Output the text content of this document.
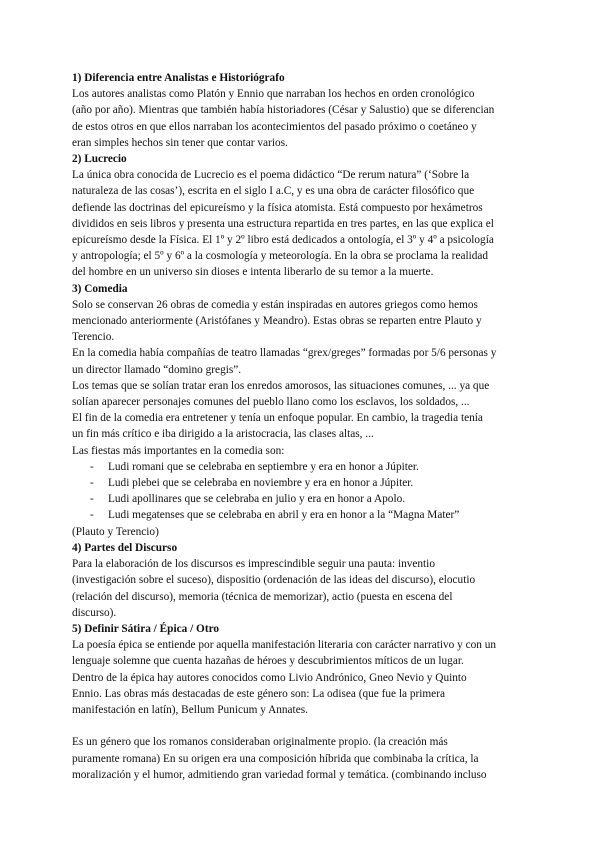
1) Diferencia entre Analistas e Historiógrafo

Los autores analistas como Platón y Ennio que narraban los hechos en orden cronológico

(año por año). Mientras que también había historiadores (César y Salustio) que se diferencian

de estos otros en que ellos narraban los acontecimientos del pasado próximo o coetáneo y

eran simples hechos sin tener que contar varios.

2) Lucrecio

La única obra conocida de Lucrecio es el poema didáctico “De rerum natura” (‘Sobre la

naturaleza de las cosas’), escrita en el siglo I a.C, y es una obra de carácter filosófico que

defiende las doctrinas del epicureísmo y la física atomista. Está compuesto por hexámetros

divididos en seis libros y presenta una estructura repartida en tres partes, en las que explica el

epicureísmo desde la Física. El 1º y 2º libro está dedicados a ontología, el 3º y 4º a psicología

y antropología; el 5º y 6º a la cosmología y meteorología. En la obra se proclama la realidad

del hombre en un universo sin dioses e intenta liberarlo de su temor a la muerte.

3) Comedia

Solo se conservan 26 obras de comedia y están inspiradas en autores griegos como hemos

mencionado anteriormente (Aristófanes y Meandro). Estas obras se reparten entre Plauto y

Terencio.

En la comedia había compañías de teatro llamadas “grex/greges” formadas por 5/6 personas y

un director llamado “domino gregis”.

Los temas que se solían tratar eran los enredos amorosos, las situaciones comunes, ... ya que

solían aparecer personajes comunes del pueblo llano como los esclavos, los soldados, ...

El fin de la comedia era entretener y tenía un enfoque popular. En cambio, la tragedia tenía

un fin más crítico e iba dirigido a la aristocracia, las clases altas, ...

Las fiestas más importantes en la comedia son:

- Ludi romani que se celebraba en septiembre y era en honor a Júpiter.

- Ludi plebei que se celebraba en noviembre y era en honor a Júpiter.

- Ludi apollinares que se celebraba en julio y era en honor a Apolo.

- Ludi megatenses que se celebraba en abril y era en honor a la “Magna Mater”

(Plauto y Terencio)

4) Partes del Discurso

Para la elaboración de los discursos es imprescindible seguir una pauta: inventio

(investigación sobre el suceso), dispositio (ordenación de las ideas del discurso), elocutio

(relación del discurso), memoria (técnica de memorizar), actio (puesta en escena del

discurso).

5) Definir Sátira / Épica / Otro

La poesía épica se entiende por aquella manifestación literaria con carácter narrativo y con un

lenguaje solemne que cuenta hazañas de héroes y descubrimientos míticos de un lugar.

Dentro de la épica hay autores conocidos como Livio Andrónico, Gneo Nevio y Quinto

Ennio. Las obras más destacadas de este género son: La odisea (que fue la primera

manifestación en latín), Bellum Punicum y Annates.

Es un género que los romanos consideraban originalmente propio. (la creación más

puramente romana) En su origen era una composición híbrida que combinaba la crítica, la

moralización y el humor, admitiendo gran variedad formal y temática. (combinando incluso
